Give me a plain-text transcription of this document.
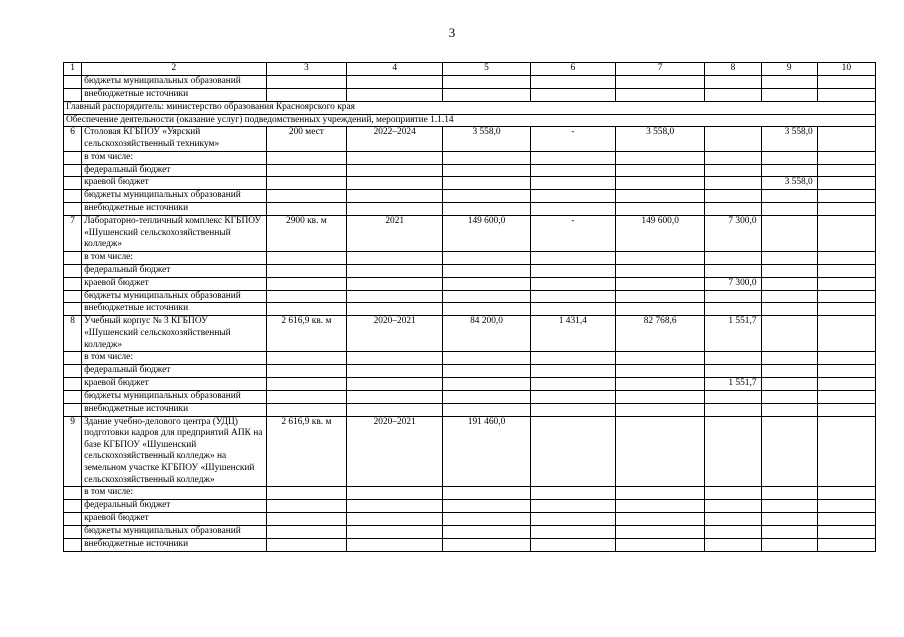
3
1	2	3	4	5	6	7	8	9	10
	бюджеты муниципальных образований								
	внебюджетные источники								
Главный распорядитель: министерство образования Красноярского края									
Обеспечение деятельности (оказание услуг) подведомственных учреждений, мероприятие 1.1.14									
6	Столовая КГБПОУ «Уярский сельскохозяйственный техникум»	200 мест	2022–2024	3 558,0	-	3 558,0		3 558,0	
	в том числе:								
	федеральный бюджет								
	краевой бюджет							3 558,0	
	бюджеты муниципальных образований								
	внебюджетные источники								
7	Лабораторно-тепличный комплекс КГБПОУ «Шушенский сельскохозяйственный колледж»	2900 кв. м	2021	149 600,0	-	149 600,0	7 300,0		
	в том числе:								
	федеральный бюджет								
	краевой бюджет						7 300,0		
	бюджеты муниципальных образований								
	внебюджетные источники								
8	Учебный корпус № 3 КГБПОУ «Шушенский сельскохозяйственный колледж»	2 616,9 кв. м	2020–2021	84 200,0	1 431,4	82 768,6	1 551,7		
	в том числе:								
	федеральный бюджет								
	краевой бюджет						1 551,7		
	бюджеты муниципальных образований								
	внебюджетные источники								
9	Здание учебно-делового центра (УДЦ) подготовки кадров для предприятий АПК на базе КГБПОУ «Шушенский сельскохозяйственный колледж» на земельном участке КГБПОУ «Шушенский сельскохозяйственный колледж»	2 616,9 кв. м	2020–2021	191 460,0					
	в том числе:								
	федеральный бюджет								
	краевой бюджет								
	бюджеты муниципальных образований								
	внебюджетные источники								
